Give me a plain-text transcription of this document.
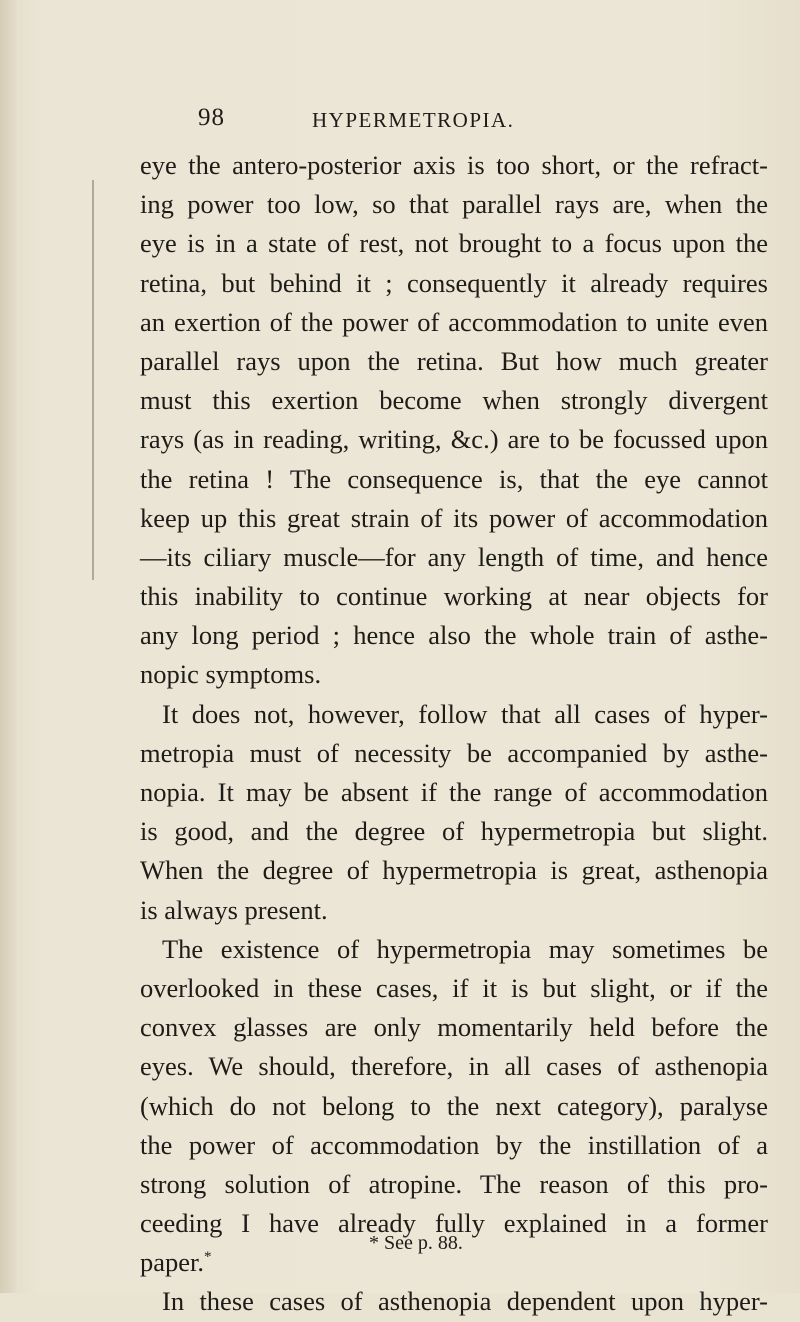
98	HYPERMETROPIA.
eye the antero-posterior axis is too short, or the refract-
ing power too low, so that parallel rays are, when the
eye is in a state of rest, not brought to a focus upon the
retina, but behind it ; consequently it already requires
an exertion of the power of accommodation to unite even
parallel rays upon the retina. But how much greater
must this exertion become when strongly divergent
rays (as in reading, writing, &c.) are to be focussed upon
the retina ! The consequence is, that the eye cannot
keep up this great strain of its power of accommodation
—its ciliary muscle—for any length of time, and hence
this inability to continue working at near objects for
any long period ; hence also the whole train of asthe-
nopic symptoms.
It does not, however, follow that all cases of hyper-
metropia must of necessity be accompanied by asthe-
nopia. It may be absent if the range of accommodation
is good, and the degree of hypermetropia but slight.
When the degree of hypermetropia is great, asthenopia
is always present.
The existence of hypermetropia may sometimes be
overlooked in these cases, if it is but slight, or if the
convex glasses are only momentarily held before the
eyes. We should, therefore, in all cases of asthenopia
(which do not belong to the next category), paralyse
the power of accommodation by the instillation of a
strong solution of atropine. The reason of this pro-
ceeding I have already fully explained in a former
paper.*
In these cases of asthenopia dependent upon hyper-
* See p. 88.
